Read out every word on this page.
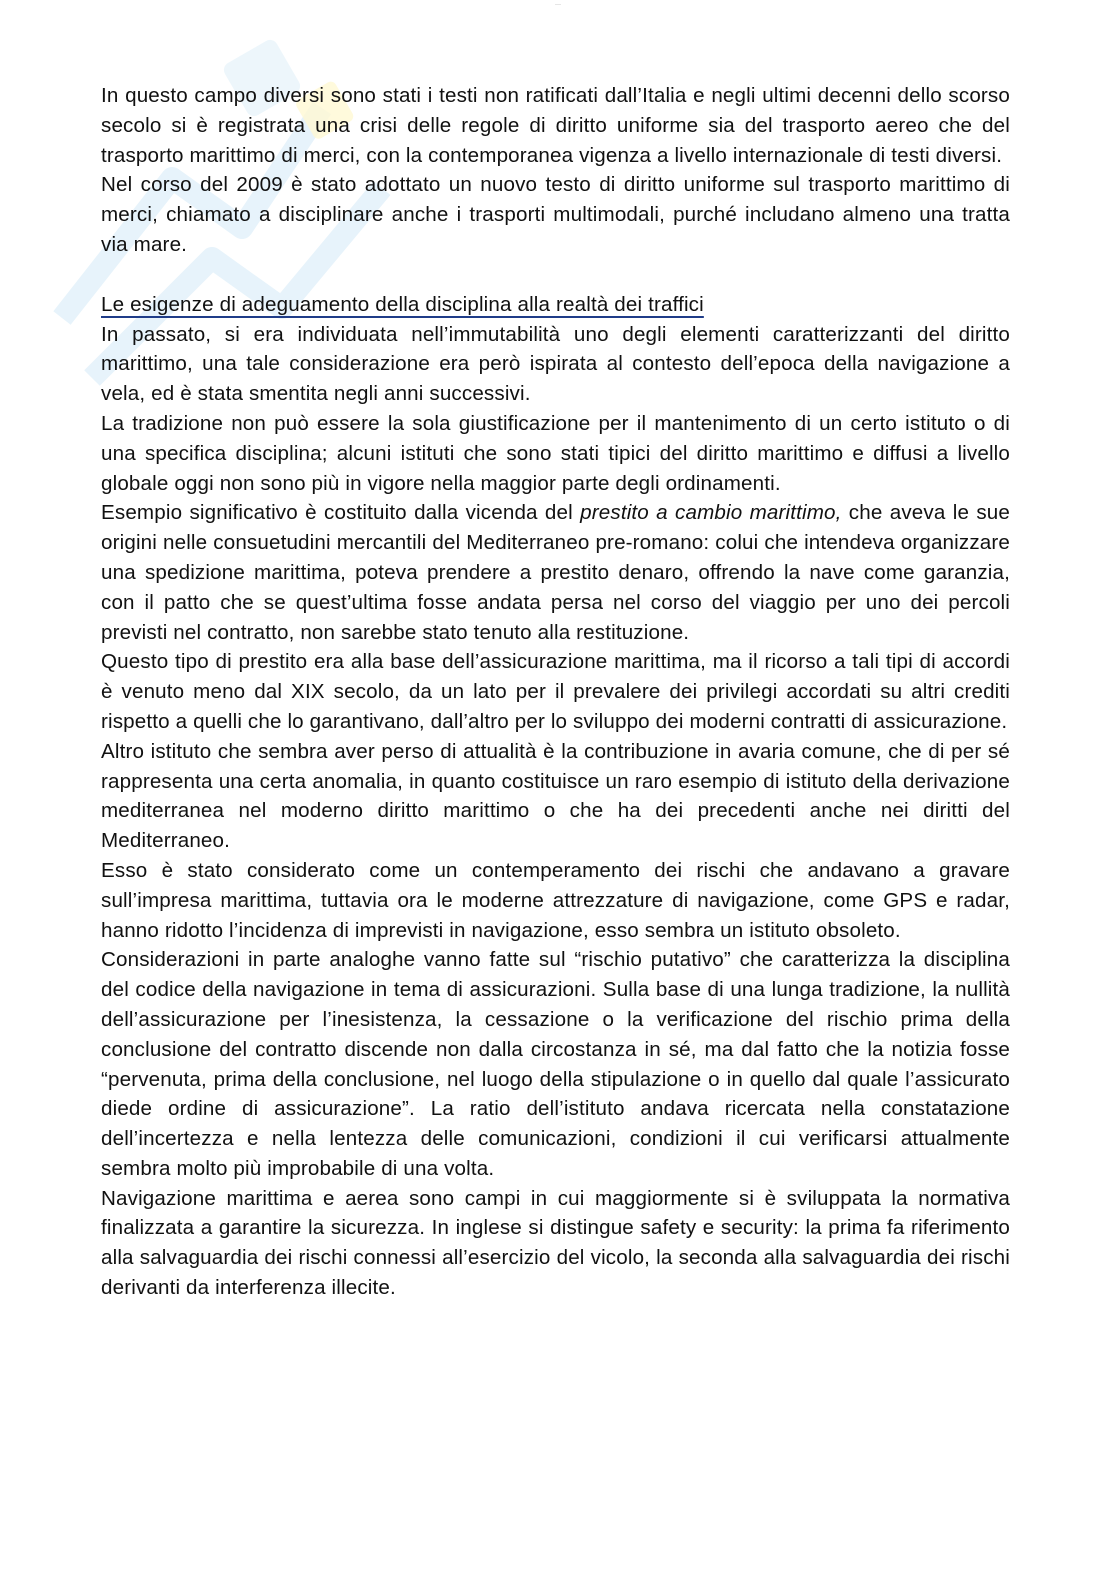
—

In questo campo diversi sono stati i testi non ratificati dall’Italia e negli ultimi decenni dello scorso secolo si è registrata una crisi delle regole di diritto uniforme sia del trasporto aereo che del trasporto marittimo di merci, con la contemporanea vigenza a livello internazionale di testi diversi.

Nel corso del 2009 è stato adottato un nuovo testo di diritto uniforme sul trasporto marittimo di merci, chiamato a disciplinare anche i trasporti multimodali, purché includano almeno una tratta via mare.

Le esigenze di adeguamento della disciplina alla realtà dei traffici

In passato, si era individuata nell’immutabilità uno degli elementi caratterizzanti del diritto marittimo, una tale considerazione era però ispirata al contesto dell’epoca della navigazione a vela, ed è stata smentita negli anni successivi.

La tradizione non può essere la sola giustificazione per il mantenimento di un certo istituto o di una specifica disciplina; alcuni istituti che sono stati tipici del diritto marittimo e diffusi a livello globale oggi non sono più in vigore nella maggior parte degli ordinamenti.

Esempio significativo è costituito dalla vicenda del prestito a cambio marittimo, che aveva le sue origini nelle consuetudini mercantili del Mediterraneo pre-romano: colui che intendeva organizzare una spedizione marittima, poteva prendere a prestito denaro, offrendo la nave come garanzia, con il patto che se quest’ultima fosse andata persa nel corso del viaggio per uno dei percoli previsti nel contratto, non sarebbe stato tenuto alla restituzione.

Questo tipo di prestito era alla base dell’assicurazione marittima, ma il ricorso a tali tipi di accordi è venuto meno dal XIX secolo, da un lato per il prevalere dei privilegi accordati su altri crediti rispetto a quelli che lo garantivano, dall’altro per lo sviluppo dei moderni contratti di assicurazione.

Altro istituto che sembra aver perso di attualità è la contribuzione in avaria comune, che di per sé rappresenta una certa anomalia, in quanto costituisce un raro esempio di istituto della derivazione mediterranea nel moderno diritto marittimo o che ha dei precedenti anche nei diritti del Mediterraneo.

Esso è stato considerato come un contemperamento dei rischi che andavano a gravare sull’impresa marittima, tuttavia ora le moderne attrezzature di navigazione, come GPS e radar, hanno ridotto l’incidenza di imprevisti in navigazione, esso sembra un istituto obsoleto.

Considerazioni in parte analoghe vanno fatte sul “rischio putativo” che caratterizza la disciplina del codice della navigazione in tema di assicurazioni. Sulla base di una lunga tradizione, la nullità dell’assicurazione per l’inesistenza, la cessazione o la verificazione del rischio prima della conclusione del contratto discende non dalla circostanza in sé, ma dal fatto che la notizia fosse “pervenuta, prima della conclusione, nel luogo della stipulazione o in quello dal quale l’assicurato diede ordine di assicurazione”. La ratio dell’istituto andava ricercata nella constatazione dell’incertezza e nella lentezza delle comunicazioni, condizioni il cui verificarsi attualmente sembra molto più improbabile di una volta.

Navigazione marittima e aerea sono campi in cui maggiormente si è sviluppata la normativa finalizzata a garantire la sicurezza. In inglese si distingue safety e security: la prima fa riferimento alla salvaguardia dei rischi connessi all’esercizio del vicolo, la seconda alla salvaguardia dei rischi derivanti da interferenza illecite.
